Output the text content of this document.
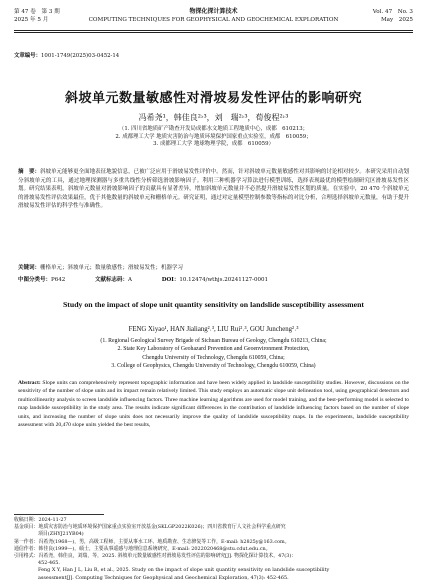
第 47 卷　第 3 期
2025 年 5 月
物探化探计算技术
COMPUTING TECHNIQUES FOR GEOPHYSICAL AND GEOCHEMICAL EXPLORATION
Vol. 47　No. 3
May　2025
文章编号：1001-1749(2025)03-0452-14
斜坡单元数量敏感性对滑坡易发性评估的影响研究
冯希尧¹，韩佳良²˒³，刘　瑞²˒³，荀俊程²˒³
（1. 四川省地质矿产勘查开发局成都水文地质工程地质中心，成都　610213；
2. 成都理工大学 地质灾害防治与地质环境保护国家重点实验室，成都　610059；
3. 成都理工大学 地球物理学院，成都　610059）
摘　要：斜坡单元能够更全面地表征地貌信息，已被广泛应用于滑坡易发性评价中。然而，针对斜坡单元数量敏感性对其影响的讨论相对较少。本研究采用自动划分斜坡单元的工具，通过地理探测器与多重共线性分析筛选滑坡影响因子。利用三种机器学习算法进行模型训练，选择表现最优的模型绘制研究区滑坡易发性区划。研究结果表明，斜坡单元数量对滑坡影响因子的贡献具有显著差异，增加斜坡单元数量并不必然提升滑坡易发性区划的质量。在实验中，20 470 个斜坡单元的滑坡易发性评估效果最佳，优于其他数量的斜坡单元和栅格单元。研究证明，通过对定量模型控制参数等指标的对比分析，合理选择斜坡单元数量，有助于提升滑坡易发性评估的科学性与准确性。
关键词：栅格单元；斜坡单元；数量敏感性；滑坡易发性；机器学习
中图分类号：P642	文献标志码：A	DOI：10.12474/wthjs.20241127-0001
Study on the impact of slope unit quantity sensitivity on landslide susceptibility assessment
FENG Xiyao¹, HAN Jialiang²˒³, LIU Rui²˒³, GOU Juncheng²˒³
(1. Regional Geological Survey Brigade of Sichuan Bureau of Geology, Chengdu 610213, China;
2. State Key Laboratory of Geohazard Prevention and Geoenvironment Protection,
Chengdu University of Technology, Chengdu 610059, China;
3. College of Geophysics, Chengdu University of Technology, Chengdu 610059, China)
Abstract: Slope units can comprehensively represent topographic information and have been widely applied in landslide susceptibility studies. However, discussions on the sensitivity of the number of slope units and its impact remain relatively limited. This study employs an automatic slope unit delineation tool, using geographical detectors and multicollinearity analysis to screen landslide influencing factors. Three machine learning algorithms are used for model training, and the best-performing model is selected to map landslide susceptibility in the study area. The results indicate significant differences in the contribution of landslide influencing factors based on the number of slope units, and increasing the number of slope units does not necessarily improve the quality of landslide susceptibility maps. In the experiments, landslide susceptibility assessment with 20,470 slope units yielded the best results,
收稿日期：2024-11-27
基金项目：地质灾害防治与地质环境保护国家重点实验室开放基金(SKLGP2022K026)；四川省教育厅人文社会科学重点研究
项目(ZHYJ21YB04)
第一作者：冯希尧(1968—)，男，高级工程师，主要从事水工环、地质勘查、生态修复等工作，E-mail: h2825y@163.com。
通信作者：韩佳良(1999—)，硕士，主要从事遥感与地理信息系统研究，E-mail: 2022020468@stu.cdut.edu.cn。
引用格式：冯希尧，韩佳良，刘瑞，等，2025. 斜坡单元数量敏感性对滑坡易发性评估的影响研究[J]. 物探化探计算技术，47(3)：
452-465.
Feng X Y, Han J L, Liu R, et al., 2025. Study on the impact of slope unit quantity sensitivity on landslide susceptibility
assessment[J]. Computing Techniques for Geophysical and Geochemical Exploration, 47(3): 452-465.
